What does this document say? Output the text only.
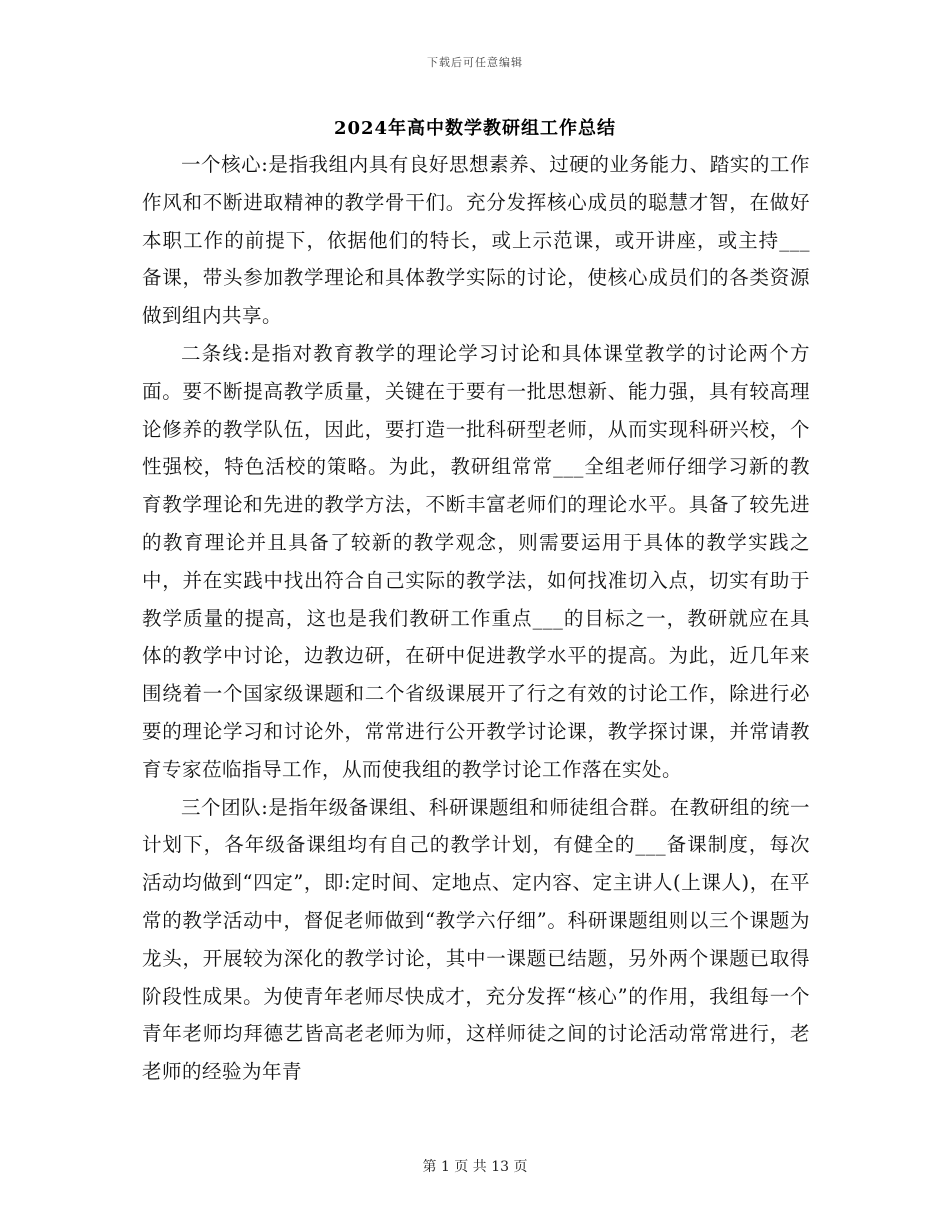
下载后可任意编辑
2024年高中数学教研组工作总结

一个核心:是指我组内具有良好思想素养、过硬的业务能力、踏实的工作作风和不断进取精神的教学骨干们。充分发挥核心成员的聪慧才智，在做好本职工作的前提下，依据他们的特长，或上示范课，或开讲座，或主持___备课，带头参加教学理论和具体教学实际的讨论，使核心成员们的各类资源做到组内共享。

二条线:是指对教育教学的理论学习讨论和具体课堂教学的讨论两个方面。要不断提高教学质量，关键在于要有一批思想新、能力强，具有较高理论修养的教学队伍，因此，要打造一批科研型老师，从而实现科研兴校，个性强校，特色活校的策略。为此，教研组常常___全组老师仔细学习新的教育教学理论和先进的教学方法，不断丰富老师们的理论水平。具备了较先进的教育理论并且具备了较新的教学观念，则需要运用于具体的教学实践之中，并在实践中找出符合自己实际的教学法，如何找准切入点，切实有助于教学质量的提高，这也是我们教研工作重点___的目标之一，教研就应在具体的教学中讨论，边教边研，在研中促进教学水平的提高。为此，近几年来围绕着一个国家级课题和二个省级课展开了行之有效的讨论工作，除进行必要的理论学习和讨论外，常常进行公开教学讨论课，教学探讨课，并常请教育专家莅临指导工作，从而使我组的教学讨论工作落在实处。

三个团队:是指年级备课组、科研课题组和师徒组合群。在教研组的统一计划下，各年级备课组均有自己的教学计划，有健全的___备课制度，每次活动均做到“四定”，即:定时间、定地点、定内容、定主讲人(上课人)，在平常的教学活动中，督促老师做到“教学六仔细”。科研课题组则以三个课题为龙头，开展较为深化的教学讨论，其中一课题已结题，另外两个课题已取得阶段性成果。为使青年老师尽快成才，充分发挥“核心”的作用，我组每一个青年老师均拜德艺皆高老老师为师，这样师徒之间的讨论活动常常进行，老老师的经验为年青

第 1 页 共 13 页
